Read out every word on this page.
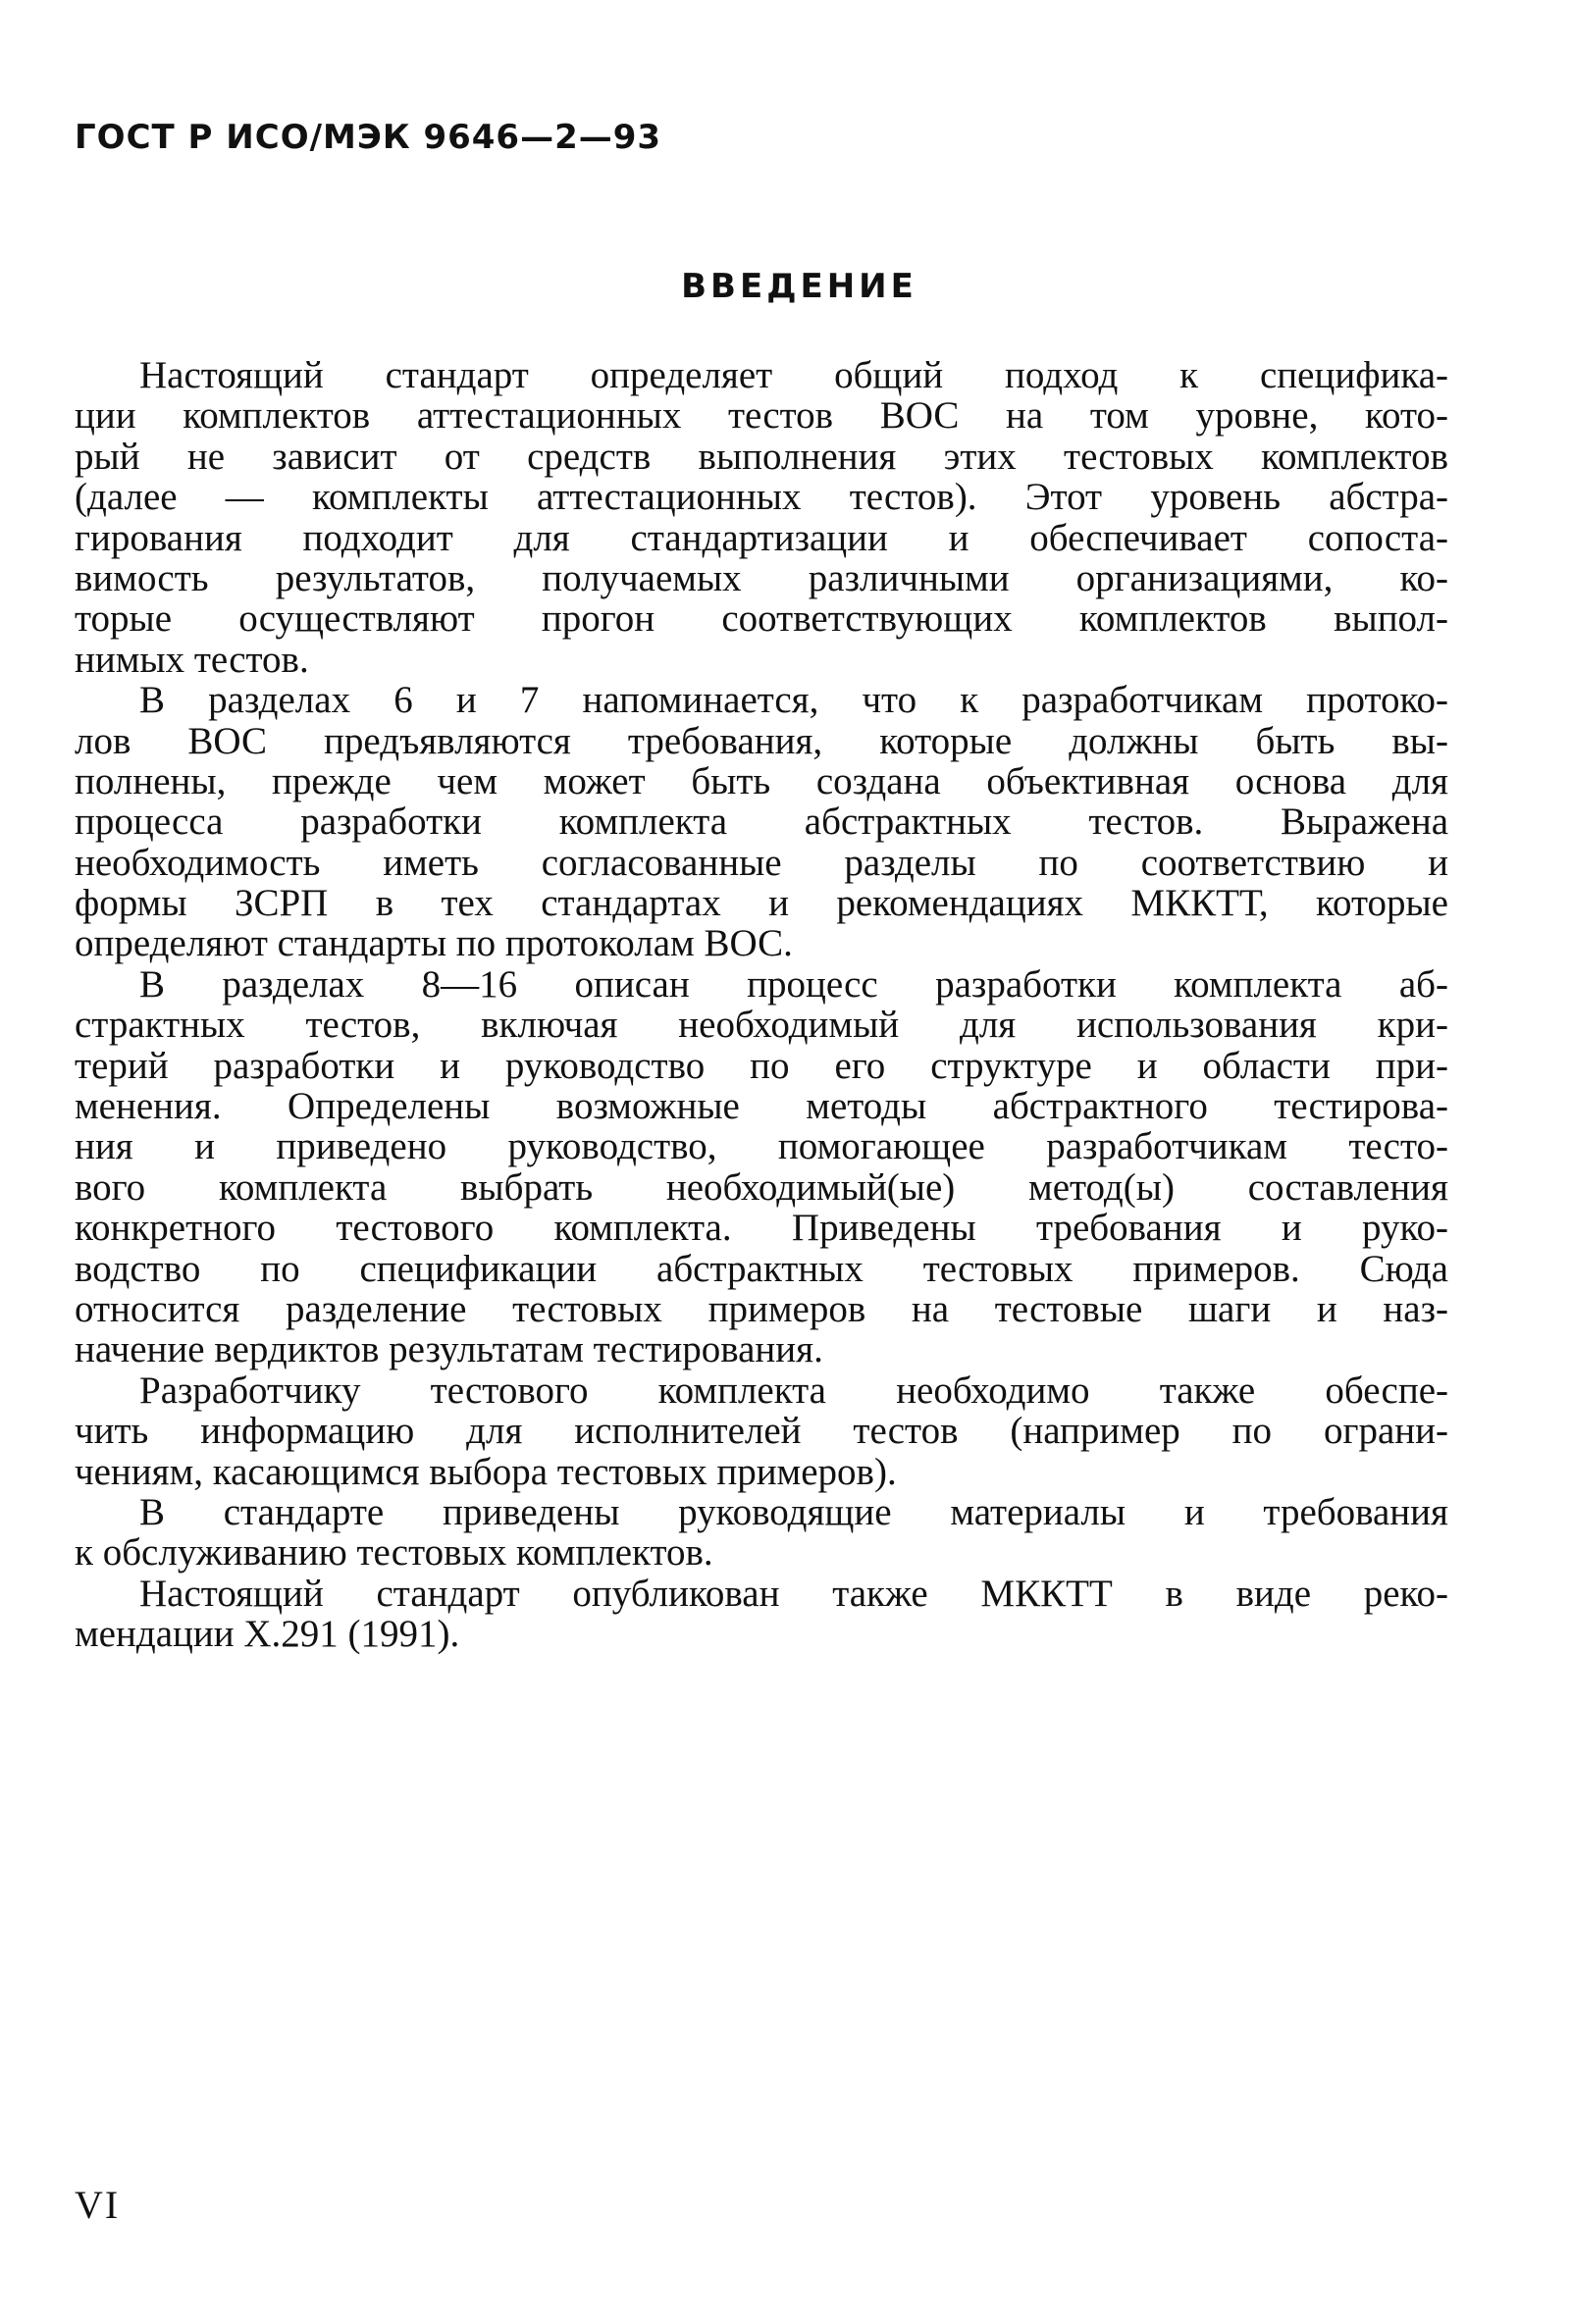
ГОСТ Р ИСО/МЭК 9646—2—93
ВВЕДЕНИЕ
Настоящий стандарт определяет общий подход к специфика-
ции комплектов аттестационных тестов ВОС на том уровне, кото-
рый не зависит от средств выполнения этих тестовых комплектов
(далее — комплекты аттестационных тестов). Этот уровень абстра-
гирования подходит для стандартизации и обеспечивает сопоста-
вимость результатов, получаемых различными организациями, ко-
торые осуществляют прогон соответствующих комплектов выпол-
нимых тестов.
В разделах 6 и 7 напоминается, что к разработчикам протоко-
лов ВОС предъявляются требования, которые должны быть вы-
полнены, прежде чем может быть создана объективная основа для
процесса разработки комплекта абстрактных тестов. Выражена
необходимость иметь согласованные разделы по соответствию и
формы ЗСРП в тех стандартах и рекомендациях МККТТ, которые
определяют стандарты по протоколам ВОС.
В разделах 8—16 описан процесс разработки комплекта аб-
страктных тестов, включая необходимый для использования кри-
терий разработки и руководство по его структуре и области при-
менения. Определены возможные методы абстрактного тестирова-
ния и приведено руководство, помогающее разработчикам тесто-
вого комплекта выбрать необходимый(ые) метод(ы) составления
конкретного тестового комплекта. Приведены требования и руко-
водство по спецификации абстрактных тестовых примеров. Сюда
относится разделение тестовых примеров на тестовые шаги и наз-
начение вердиктов результатам тестирования.
Разработчику тестового комплекта необходимо также обеспе-
чить информацию для исполнителей тестов (например по ограни-
чениям, касающимся выбора тестовых примеров).
В стандарте приведены руководящие материалы и требования
к обслуживанию тестовых комплектов.
Настоящий стандарт опубликован также МККТТ в виде реко-
мендации Х.291 (1991).
VI
